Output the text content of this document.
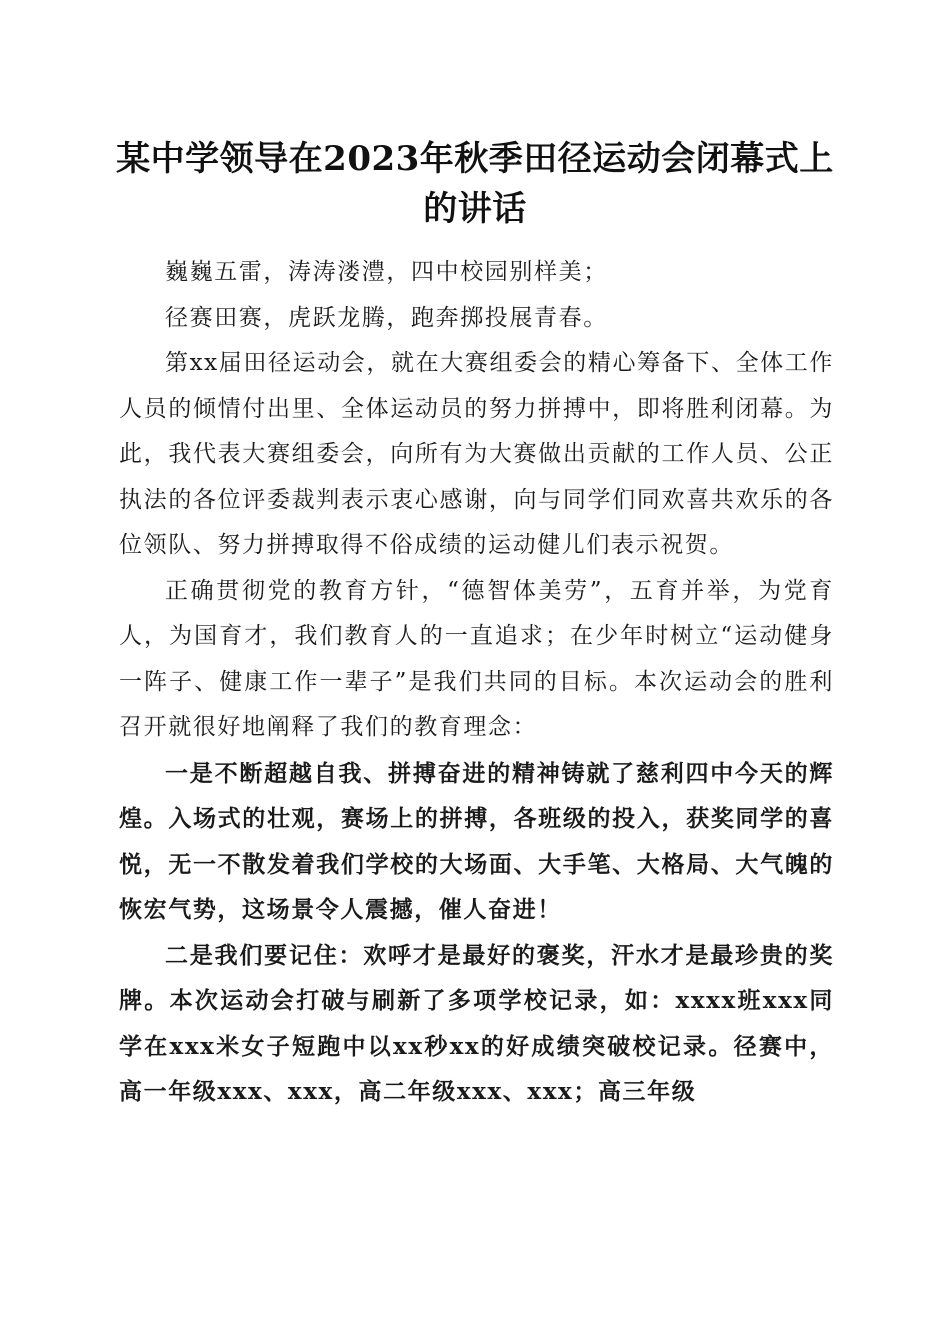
某中学领导在2023年秋季田径运动会闭幕式上的讲话

巍巍五雷，涛涛溇澧，四中校园别样美；

径赛田赛，虎跃龙腾，跑奔掷投展青春。

第xx届田径运动会，就在大赛组委会的精心筹备下、全体工作人员的倾情付出里、全体运动员的努力拼搏中，即将胜利闭幕。为此，我代表大赛组委会，向所有为大赛做出贡献的工作人员、公正执法的各位评委裁判表示衷心感谢，向与同学们同欢喜共欢乐的各位领队、努力拼搏取得不俗成绩的运动健儿们表示祝贺。

正确贯彻党的教育方针，“德智体美劳”，五育并举，为党育人，为国育才，我们教育人的一直追求；在少年时树立“运动健身一阵子、健康工作一辈子”是我们共同的目标。本次运动会的胜利召开就很好地阐释了我们的教育理念：

一是不断超越自我、拼搏奋进的精神铸就了慈利四中今天的辉煌。入场式的壮观，赛场上的拼搏，各班级的投入，获奖同学的喜悦，无一不散发着我们学校的大场面、大手笔、大格局、大气魄的恢宏气势，这场景令人震撼，催人奋进！

二是我们要记住：欢呼才是最好的褒奖，汗水才是最珍贵的奖牌。本次运动会打破与刷新了多项学校记录，如：xxxx班xxx同学在xxx米女子短跑中以xx秒xx的好成绩突破校记录。径赛中，高一年级xxx、xxx，高二年级xxx、xxx；高三年级
